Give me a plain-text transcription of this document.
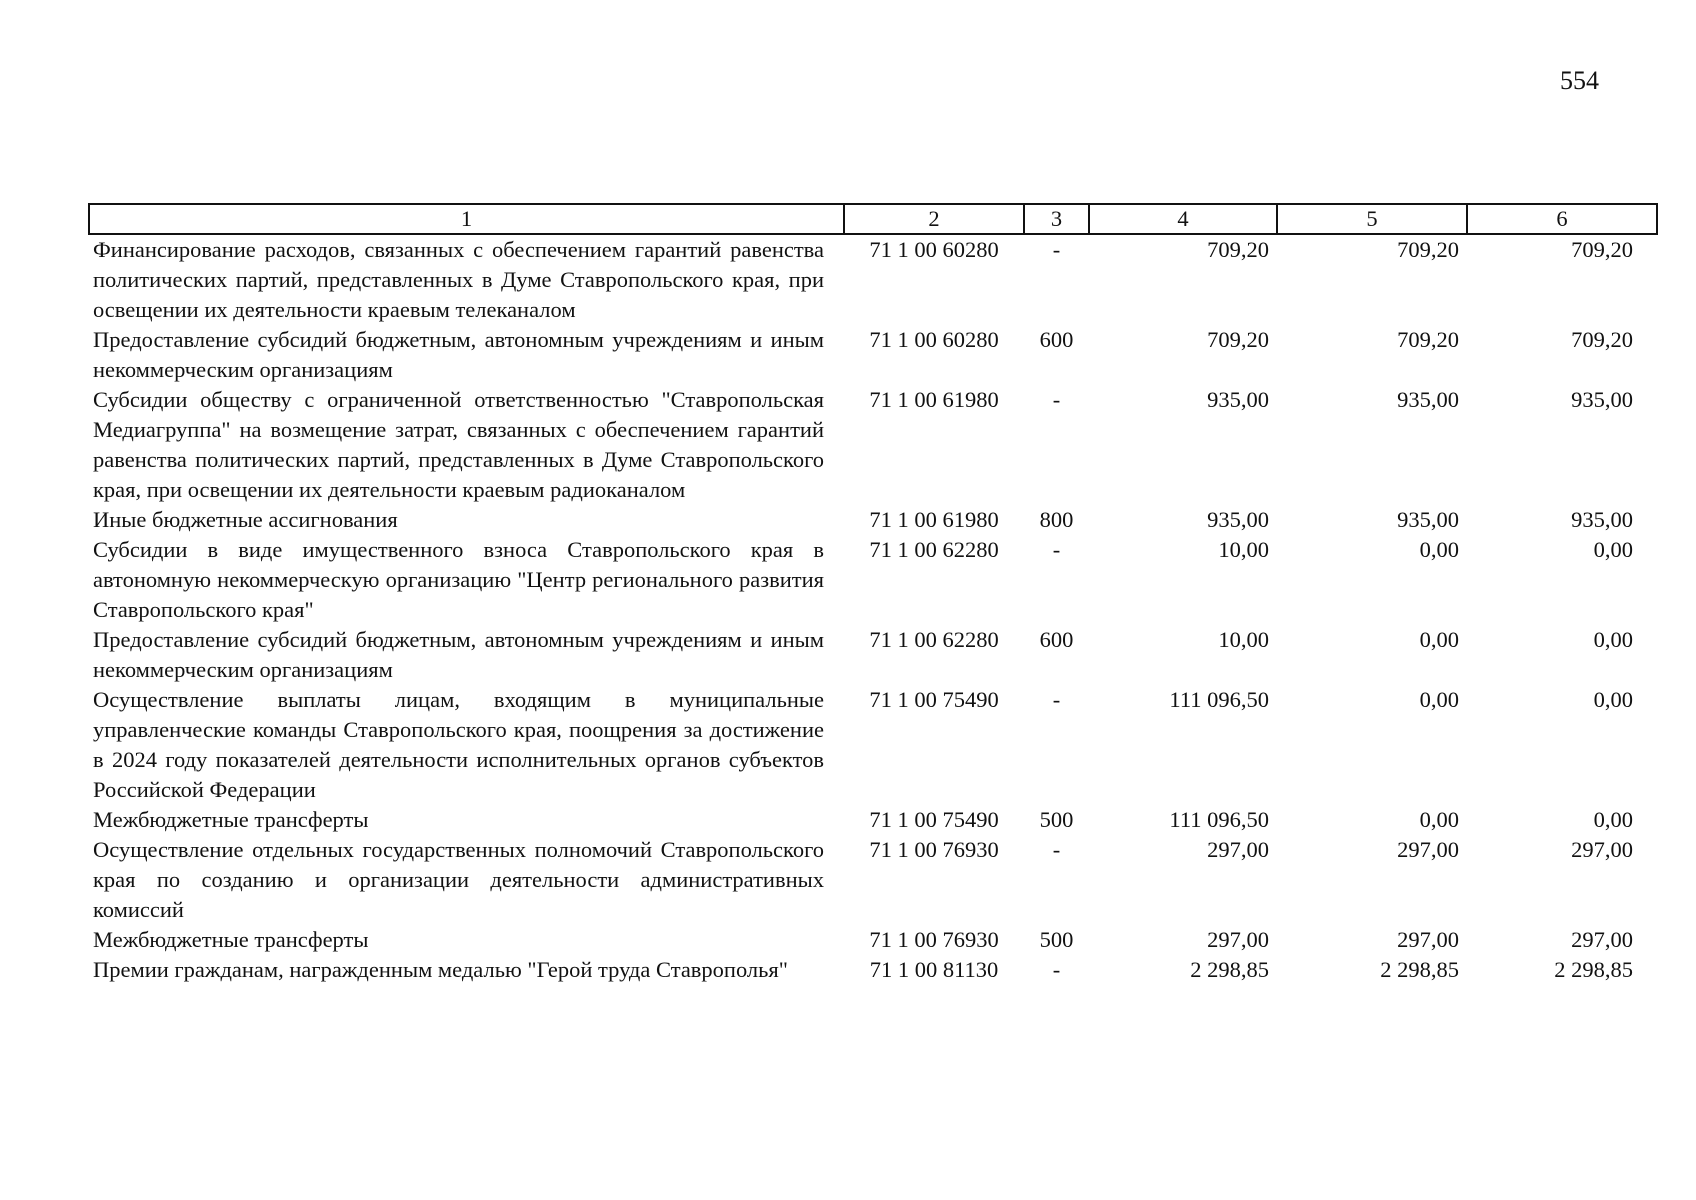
554
1	2	3	4	5	6
Финансирование расходов, связанных с обеспечением гарантий равенства политических партий, представленных в Думе Ставропольского края, при освещении их деятельности краевым телеканалом	71 1 00 60280	-	709,20	709,20	709,20
Предоставление субсидий бюджетным, автономным учреждениям и иным некоммерческим организациям	71 1 00 60280	600	709,20	709,20	709,20
Субсидии обществу с ограниченной ответственностью "Ставропольская Медиагруппа" на возмещение затрат, связанных с обеспечением гарантий равенства политических партий, представленных в Думе Ставропольского края, при освещении их деятельности краевым радиоканалом	71 1 00 61980	-	935,00	935,00	935,00
Иные бюджетные ассигнования	71 1 00 61980	800	935,00	935,00	935,00
Субсидии в виде имущественного взноса Ставропольского края в автономную некоммерческую организацию "Центр регионального развития Ставропольского края"	71 1 00 62280	-	10,00	0,00	0,00
Предоставление субсидий бюджетным, автономным учреждениям и иным некоммерческим организациям	71 1 00 62280	600	10,00	0,00	0,00
Осуществление выплаты лицам, входящим в муниципальные управленческие команды Ставропольского края, поощрения за достижение в 2024 году показателей деятельности исполнительных органов субъектов Российской Федерации	71 1 00 75490	-	111 096,50	0,00	0,00
Межбюджетные трансферты	71 1 00 75490	500	111 096,50	0,00	0,00
Осуществление отдельных государственных полномочий Ставропольского края по созданию и организации деятельности административных комиссий	71 1 00 76930	-	297,00	297,00	297,00
Межбюджетные трансферты	71 1 00 76930	500	297,00	297,00	297,00
Премии гражданам, награжденным медалью "Герой труда Ставрополья"	71 1 00 81130	-	2 298,85	2 298,85	2 298,85
